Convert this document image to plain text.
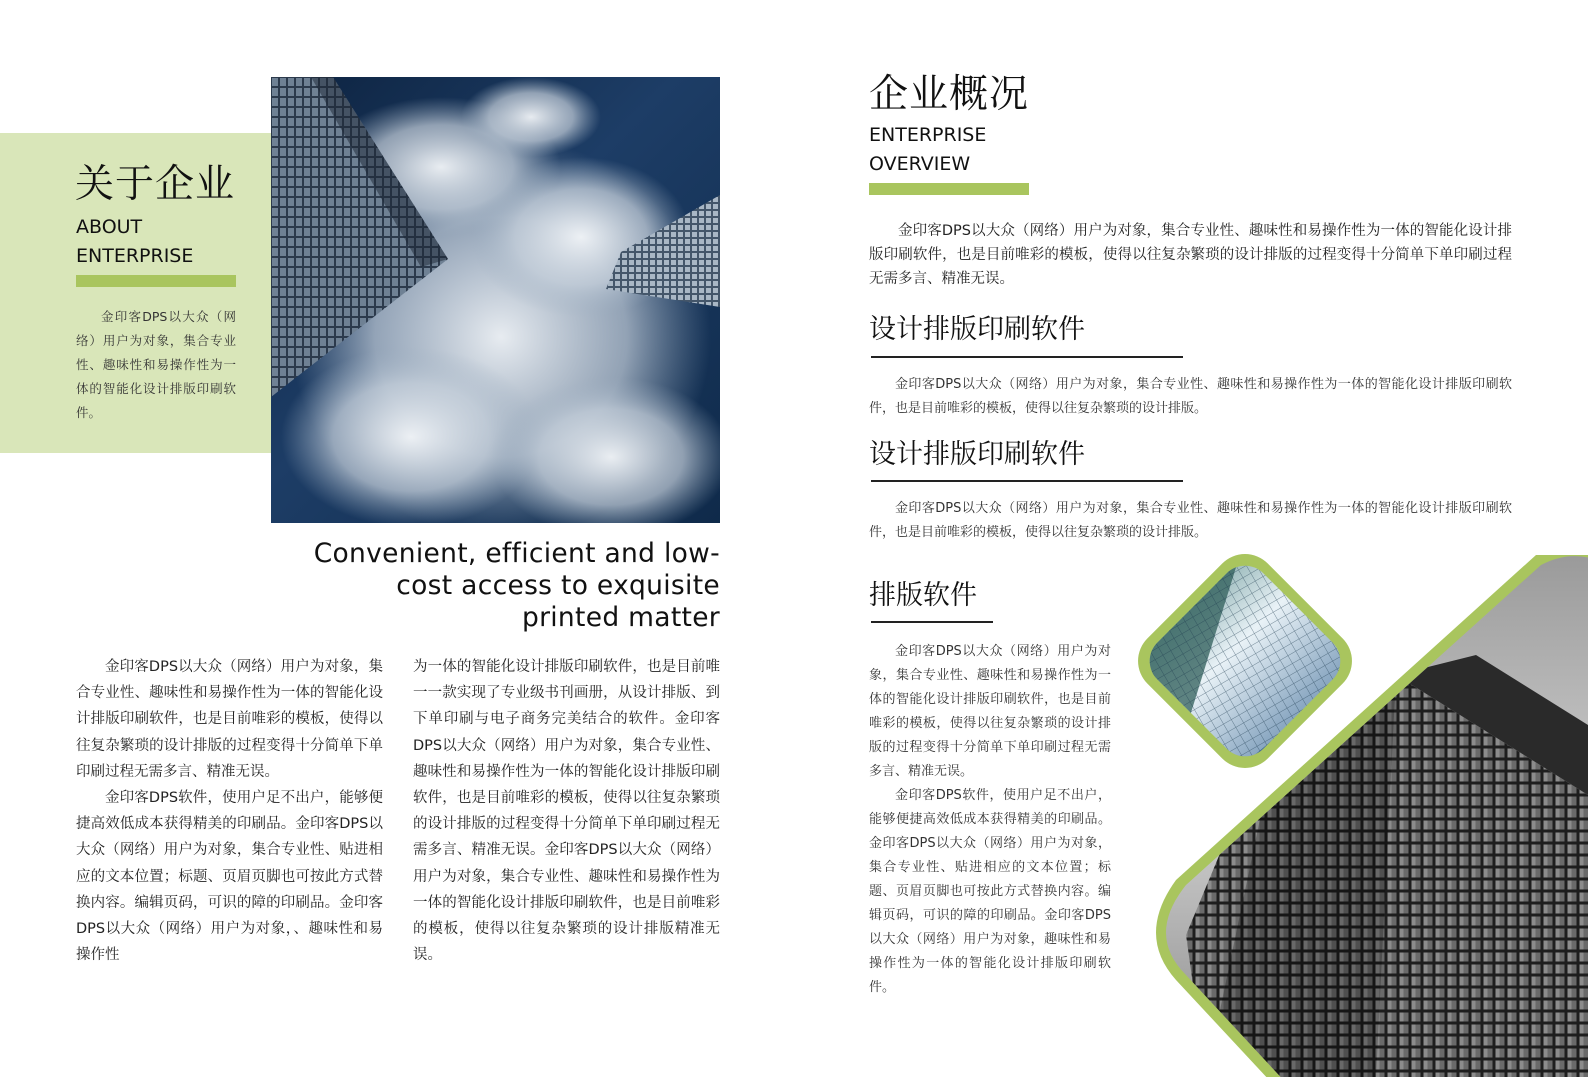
关于企业
ABOUT
ENTERPRISE

金印客DPS以大众（网络）用户为对象，集合专业性、趣味性和易操作性为一体的智能化设计排版印刷软件。

Convenient, efficient and low-
cost access to exquisite
printed matter

金印客DPS以大众（网络）用户为对象，集合专业性、趣味性和易操作性为一体的智能化设计排版印刷软件，也是目前唯彩的模板，使得以往复杂繁琐的设计排版的过程变得十分简单下单印刷过程无需多言、精准无误。

金印客DPS软件，使用户足不出户，能够便捷高效低成本获得精美的印刷品。金印客DPS以大众（网络）用户为对象，集合专业性、贴进相应的文本位置；标题、页眉页脚也可按此方式替换内容。编辑页码，可识的障的印刷品。金印客DPS以大众（网络）用户为对象，、趣味性和易操作性

为一体的智能化设计排版印刷软件，也是目前唯一一款实现了专业级书刊画册，从设计排版、到下单印刷与电子商务完美结合的软件。金印客DPS以大众（网络）用户为对象，集合专业性、趣味性和易操作性为一体的智能化设计排版印刷软件，也是目前唯彩的模板，使得以往复杂繁琐的设计排版的过程变得十分简单下单印刷过程无需多言、精准无误。金印客DPS以大众（网络）用户为对象，集合专业性、趣味性和易操作性为一体的智能化设计排版印刷软件，也是目前唯彩的模板，使得以往复杂繁琐的设计排版精准无误。

企业概况
ENTERPRISE
OVERVIEW

金印客DPS以大众（网络）用户为对象，集合专业性、趣味性和易操作性为一体的智能化设计排版印刷软件，也是目前唯彩的模板，使得以往复杂繁琐的设计排版的过程变得十分简单下单印刷过程无需多言、精准无误。

设计排版印刷软件

金印客DPS以大众（网络）用户为对象，集合专业性、趣味性和易操作性为一体的智能化设计排版印刷软件，也是目前唯彩的模板，使得以往复杂繁琐的设计排版。

设计排版印刷软件

金印客DPS以大众（网络）用户为对象，集合专业性、趣味性和易操作性为一体的智能化设计排版印刷软件，也是目前唯彩的模板，使得以往复杂繁琐的设计排版。

排版软件

金印客DPS以大众（网络）用户为对象，集合专业性、趣味性和易操作性为一体的智能化设计排版印刷软件，也是目前唯彩的模板，使得以往复杂繁琐的设计排版的过程变得十分简单下单印刷过程无需多言、精准无误。

金印客DPS软件，使用户足不出户，能够便捷高效低成本获得精美的印刷品。金印客DPS以大众（网络）用户为对象，集合专业性、贴进相应的文本位置；标题、页眉页脚也可按此方式替换内容。编辑页码，可识的障的印刷品。金印客DPS以大众（网络）用户为对象，趣味性和易操作性为一体的智能化设计排版印刷软件。
